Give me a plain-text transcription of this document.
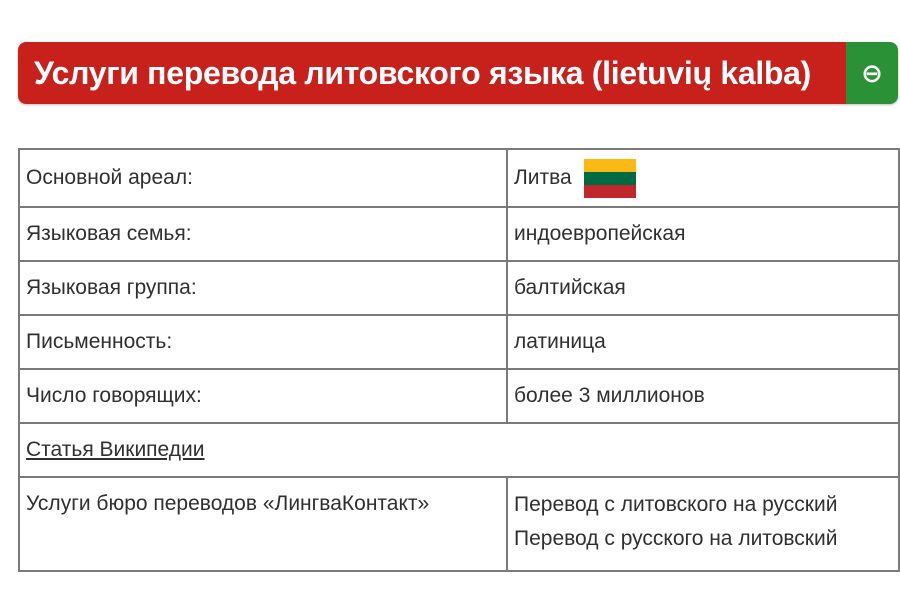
Услуги перевода литовского языка (lietuvių kalba)	⊖
Основной ареал:	Литва

Языковая семья:	индоевропейская
Языковая группа:	балтийская
Письменность:	латиница
Число говорящих:	более 3 миллионов
Статья Википедии	
Услуги бюро переводов «ЛингваКонтакт»	Перевод с литовского на русский
Перевод с русского на литовский
